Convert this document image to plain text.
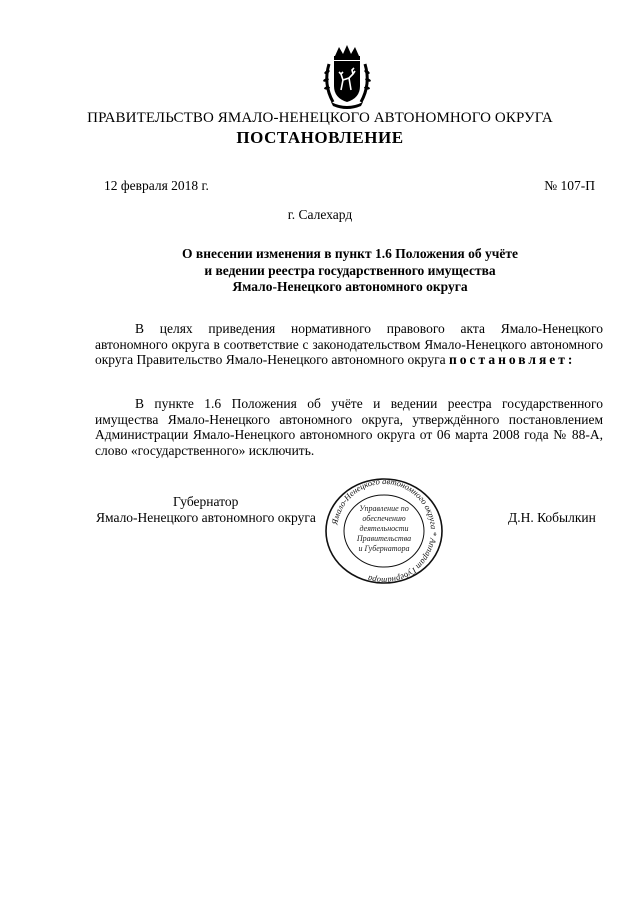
ПРАВИТЕЛЬСТВО ЯМАЛО-НЕНЕЦКОГО АВТОНОМНОГО ОКРУГА
ПОСТАНОВЛЕНИЕ
12 февраля 2018 г.	№ 107-П
г. Салехард
О внесении изменения в пункт 1.6 Положения об учёте
и ведении реестра государственного имущества
Ямало-Ненецкого автономного округа
В целях приведения нормативного правового акта Ямало-Ненецкого автономного округа в соответствие с законодательством Ямало-Ненецкого автономного округа Правительство Ямало-Ненецкого автономного округа постановляет:
В пункте 1.6 Положения об учёте и ведении реестра государственного имущества Ямало-Ненецкого автономного округа, утверждённого постановлением Администрации Ямало-Ненецкого автономного округа от 06 марта 2008 года № 88-А, слово «государственного» исключить.
Губернатор
Ямало-Ненецкого автономного округа	Д.Н. Кобылкин
Ямало-Ненецкого автономного округа * Аппарат Губернатора
Управление по
обеспечению
деятельности
Правительства
и Губернатора
